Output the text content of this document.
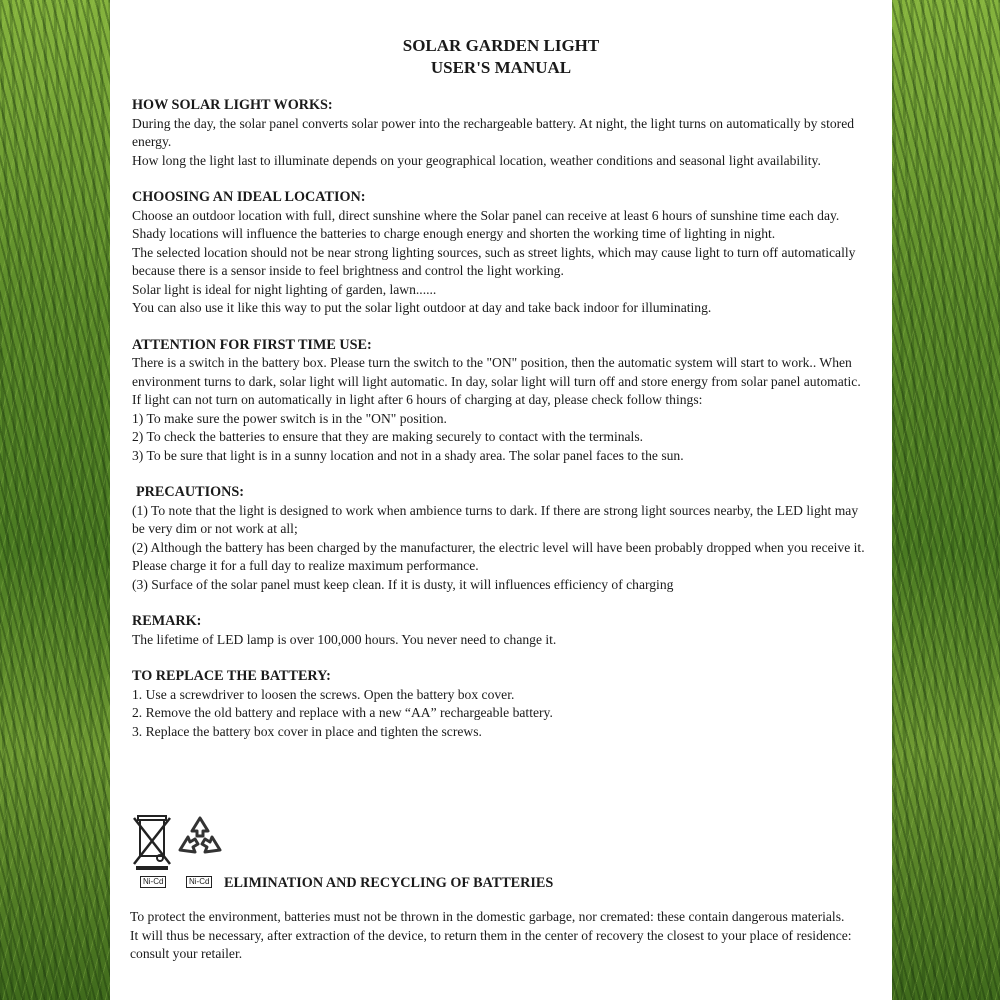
SOLAR GARDEN LIGHT
USER'S MANUAL

HOW SOLAR LIGHT WORKS:

During the day, the solar panel converts solar power into the rechargeable battery. At night, the light turns on automatically by stored energy.

How long the light last to illuminate depends on your geographical location, weather conditions and seasonal light availability.

CHOOSING AN IDEAL LOCATION:

Choose an outdoor location with full, direct sunshine where the Solar panel can receive at least 6 hours of sunshine time each day. Shady locations will influence the batteries to charge enough energy and shorten the working time of lighting in night.

The selected location should not be near strong lighting sources, such as street lights, which may cause light to turn off automatically because there is a sensor inside to feel brightness and control the light working.

Solar light is ideal for night lighting of garden, lawn......

You can also use it like this way to put the solar light outdoor at day and take back indoor for illuminating.

ATTENTION FOR FIRST TIME USE:

There is a switch in the battery box. Please turn the switch to the "ON" position, then the automatic system will start to work.. When environment turns to dark, solar light will light automatic. In day, solar light will turn off and store energy from solar panel automatic.

If light can not turn on automatically in light after 6 hours of charging at day, please check follow things:

1) To make sure the power switch is in the "ON" position.

2) To check the batteries to ensure that they are making securely to contact with the terminals.

3) To be sure that light is in a sunny location and not in a shady area. The solar panel faces to the sun.

PRECAUTIONS:

(1) To note that the light is designed to work when ambience turns to dark. If there are strong light sources nearby, the LED light may be very dim or not work at all;

(2) Although the battery has been charged by the manufacturer, the electric level will have been probably dropped when you receive it. Please charge it for a full day to realize maximum performance.

(3) Surface of the solar panel must keep clean. If it is dusty, it will influences efficiency of charging

REMARK:

The lifetime of LED lamp is over 100,000 hours. You never need to change it.

TO REPLACE THE BATTERY:

1. Use a screwdriver to loosen the screws. Open the battery box cover.

2. Remove the old battery and replace with a new “AA” rechargeable battery.

3. Replace the battery box cover in place and tighten the screws.

Ni-Cd	Ni-Cd ELIMINATION AND RECYCLING OF BATTERIES

To protect the environment, batteries must not be thrown in the domestic garbage, nor cremated: these contain dangerous materials.

It will thus be necessary, after extraction of the device, to return them in the center of recovery the closest to your place of residence: consult your retailer.
